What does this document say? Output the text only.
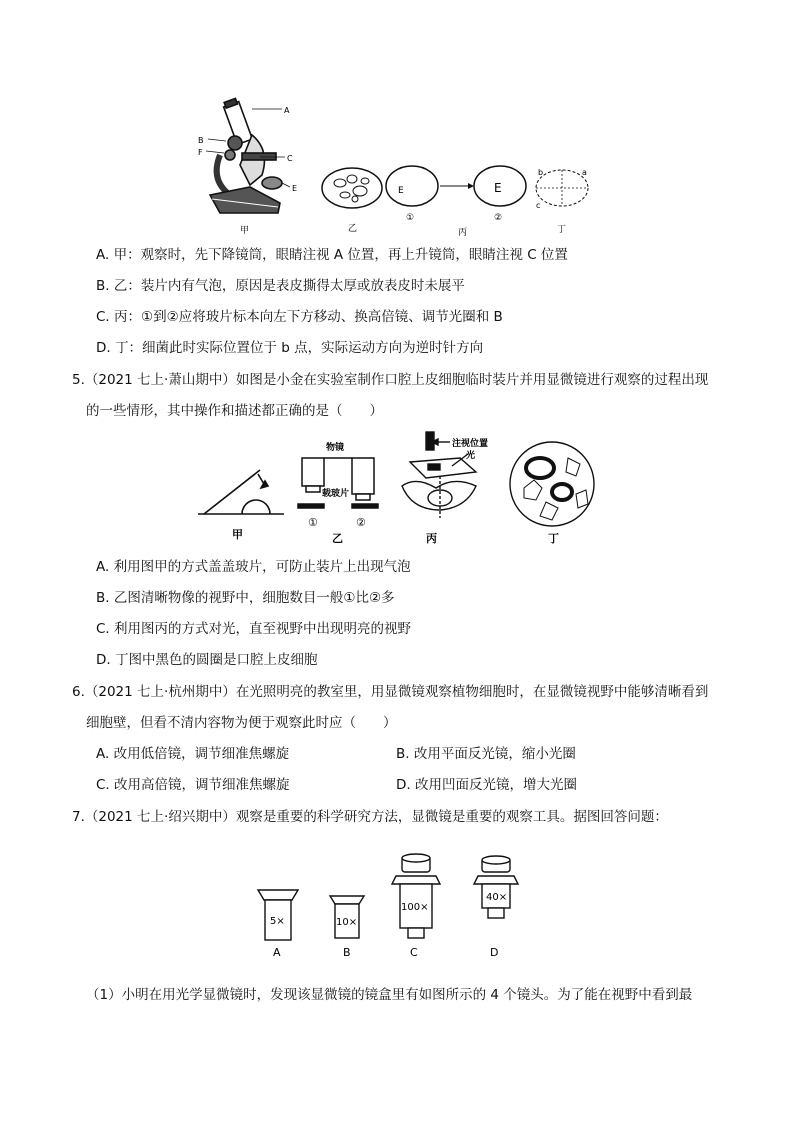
A
C
E
B
F
甲	乙
E
①
丙
E
②
b	a
c
丁
A. 甲：观察时，先下降镜筒，眼睛注视 A 位置，再上升镜筒，眼睛注视 C 位置
B. 乙：装片内有气泡，原因是表皮撕得太厚或放表皮时未展平
C. 丙：①到②应将玻片标本向左下方移动、换高倍镜、调节光圈和 B
D. 丁：细菌此时实际位置位于 b 点，实际运动方向为逆时针方向
5.（2021 七上·萧山期中）如图是小金在实验室制作口腔上皮细胞临时装片并用显微镜进行观察的过程出现
的一些情形，其中操作和描述都正确的是（　　）
甲
物镜
载玻片
①
乙
②
注视位置
光
丙	丁
A. 利用图甲的方式盖盖玻片，可防止装片上出现气泡
B. 乙图清晰物像的视野中，细胞数目一般①比②多
C. 利用图丙的方式对光，直至视野中出现明亮的视野
D. 丁图中黑色的圆圈是口腔上皮细胞
6.（2021 七上·杭州期中）在光照明亮的教室里，用显微镜观察植物细胞时，在显微镜视野中能够清晰看到
细胞壁，但看不清内容物为便于观察此时应（　　）
A. 改用低倍镜，调节细准焦螺旋	B. 改用平面反光镜，缩小光圈
C. 改用高倍镜，调节细准焦螺旋	D. 改用凹面反光镜，增大光圈
7.（2021 七上·绍兴期中）观察是重要的科学研究方法，显微镜是重要的观察工具。据图回答问题：
5×
A
10×
B
100×
C
40×
D
（1）小明在用光学显微镜时，发现该显微镜的镜盒里有如图所示的 4 个镜头。为了能在视野中看到最
